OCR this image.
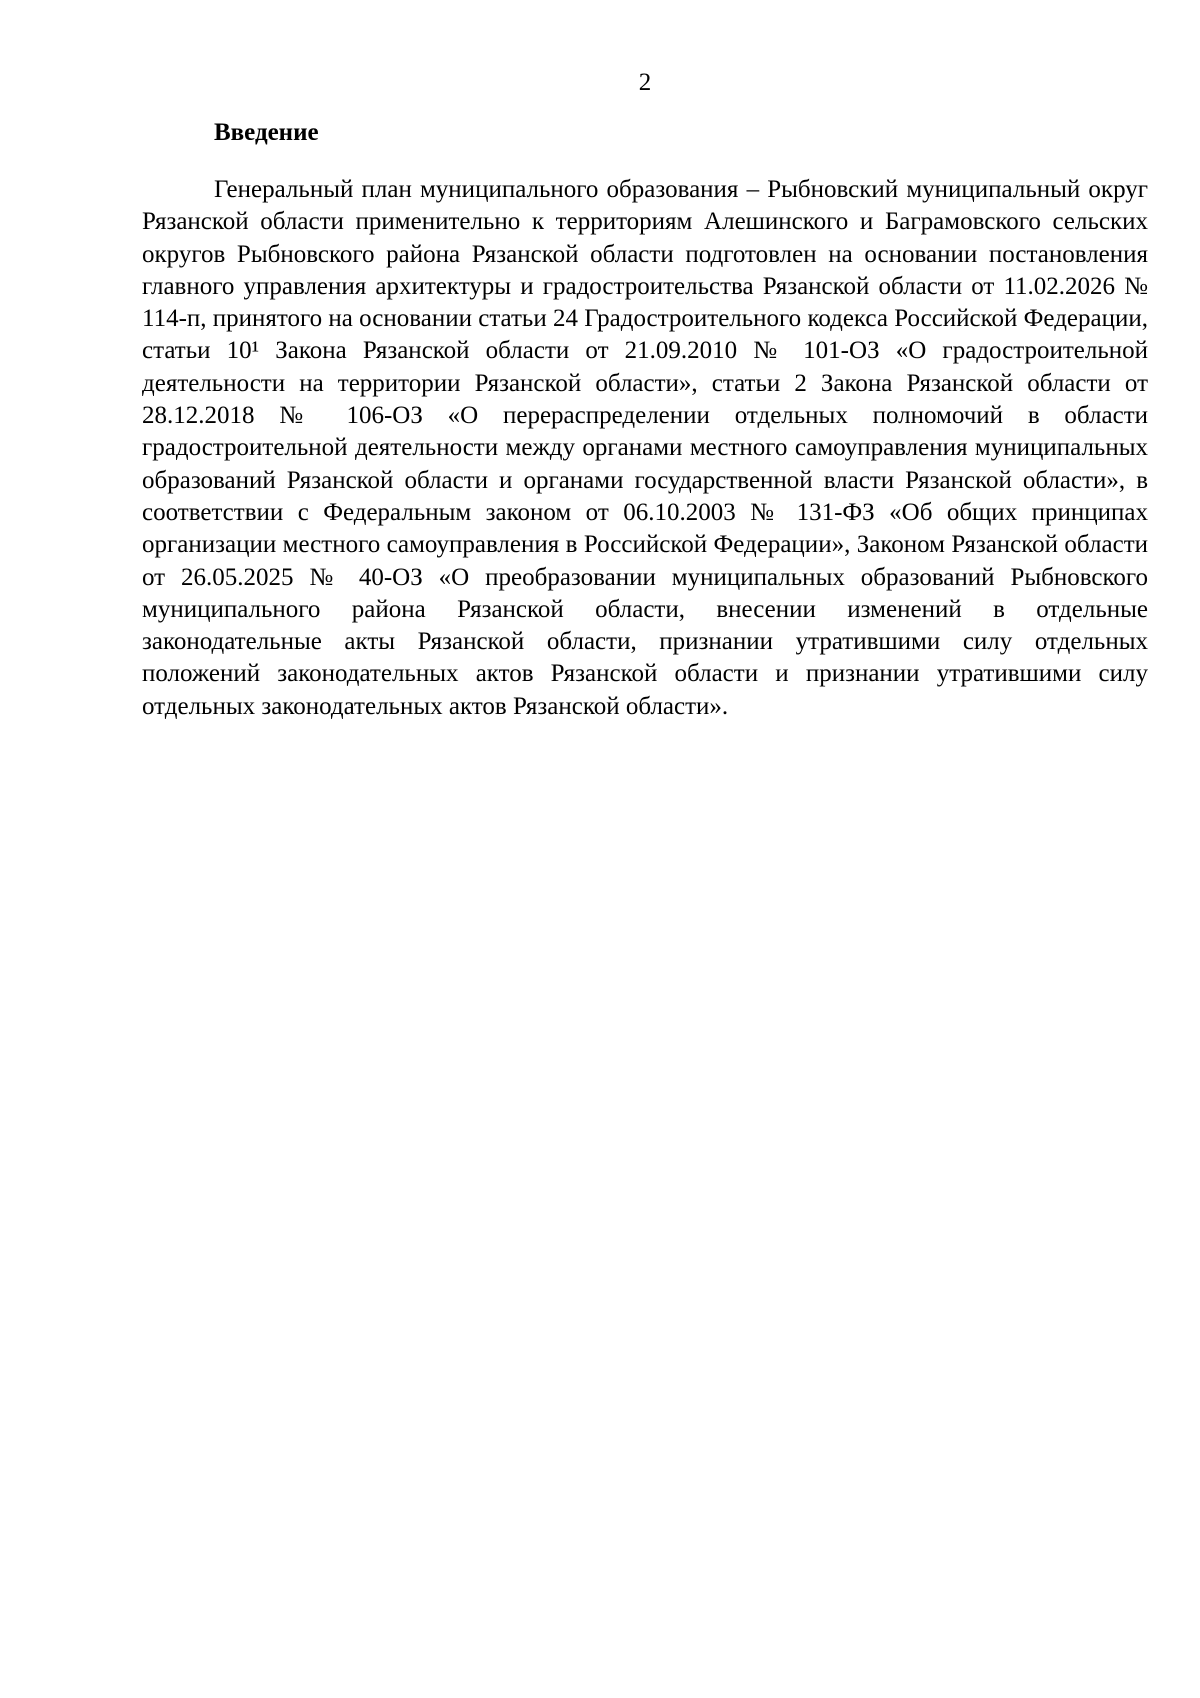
2
Введение

Генеральный план муниципального образования – Рыбновский муниципальный округ Рязанской области применительно к территориям Алешинского и Баграмовского сельских округов Рыбновского района Рязанской области подготовлен на основании постановления главного управления архитектуры и градостроительства Рязанской области от 11.02.2026 № 114-п, принятого на основании статьи 24 Градостроительного кодекса Российской Федерации, статьи 10¹ Закона Рязанской области от 21.09.2010 № 101-ОЗ «О градостроительной деятельности на территории Рязанской области», статьи 2 Закона Рязанской области от 28.12.2018 № 106-ОЗ «О перераспределении отдельных полномочий в области градостроительной деятельности между органами местного самоуправления муниципальных образований Рязанской области и органами государственной власти Рязанской области», в соответствии с Федеральным законом от 06.10.2003 № 131-ФЗ «Об общих принципах организации местного самоуправления в Российской Федерации», Законом Рязанской области от 26.05.2025 № 40-ОЗ «О преобразовании муниципальных образований Рыбновского муниципального района Рязанской области, внесении изменений в отдельные законодательные акты Рязанской области, признании утратившими силу отдельных положений законодательных актов Рязанской области и признании утратившими силу отдельных законодательных актов Рязанской области».
